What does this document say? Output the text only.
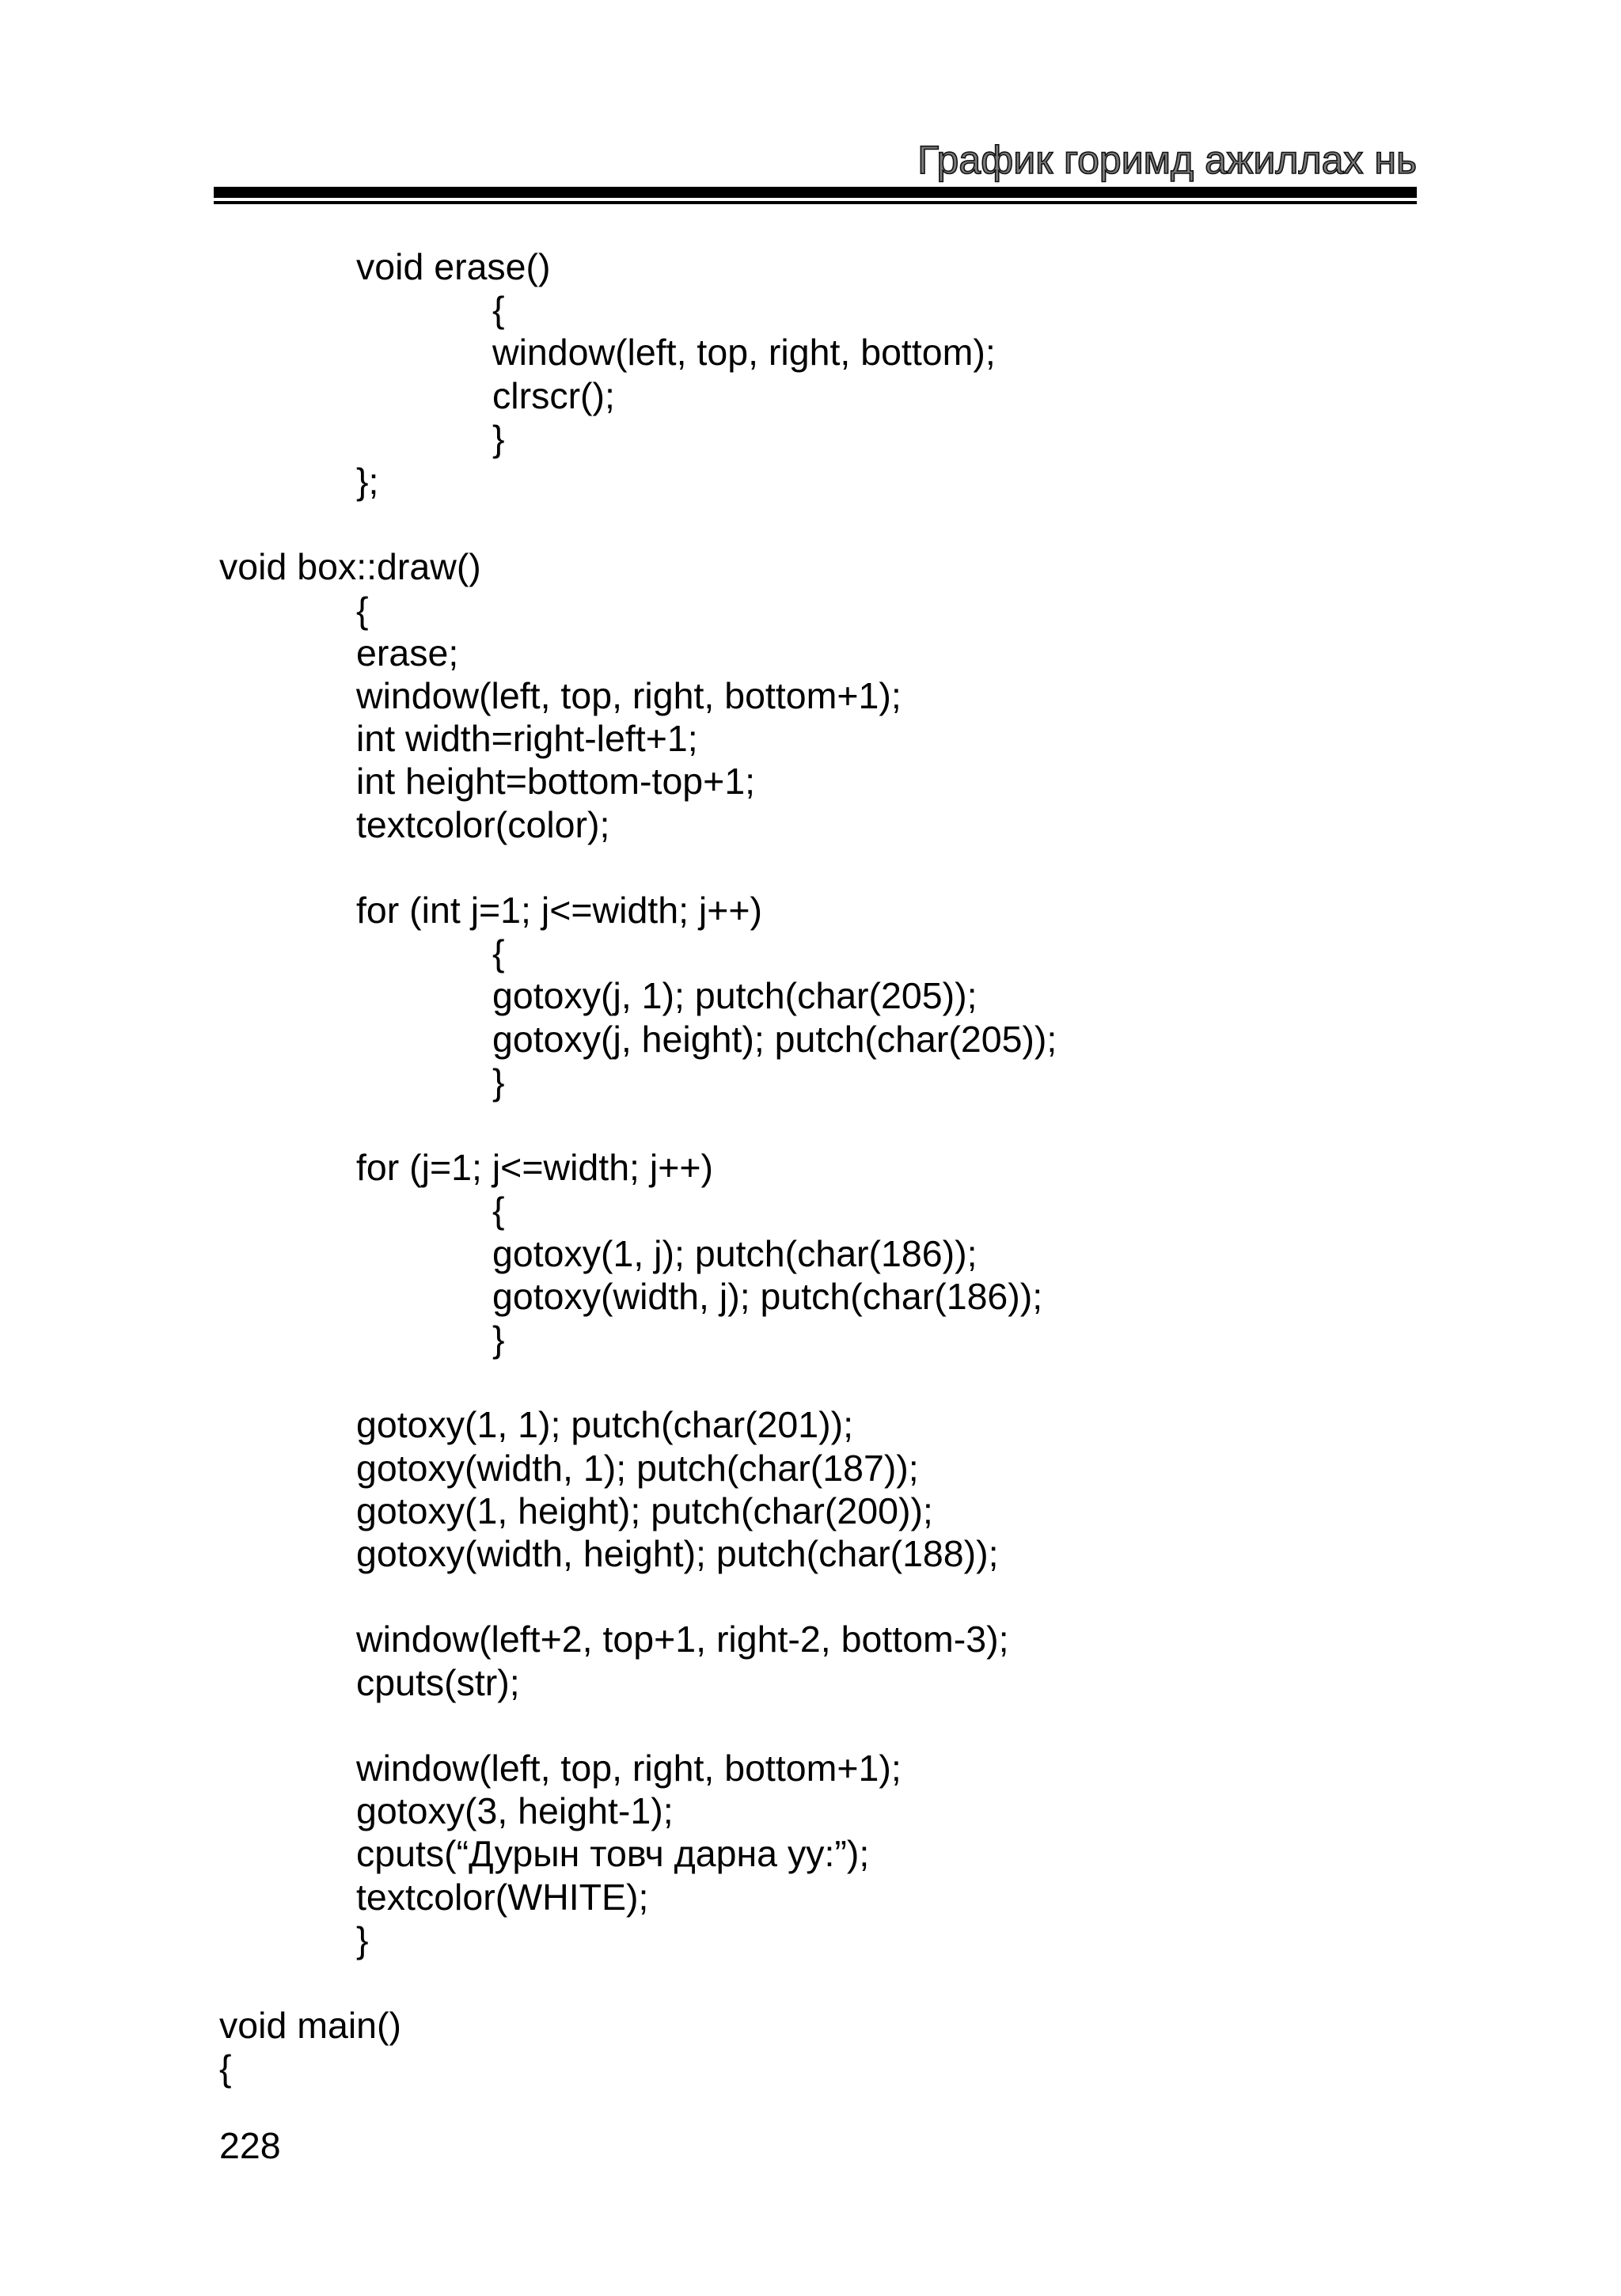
График горимд ажиллах нь
void erase()
{
window(left, top, right, bottom);
clrscr();
}
};
void box::draw()
{
erase;
window(left, top, right, bottom+1);
int width=right-left+1;
int height=bottom-top+1;
textcolor(color);
for (int j=1; j<=width; j++)
{
gotoxy(j, 1); putch(char(205));
gotoxy(j, height); putch(char(205));
}
for (j=1; j<=width; j++)
{
gotoxy(1, j); putch(char(186));
gotoxy(width, j); putch(char(186));
}
gotoxy(1, 1); putch(char(201));
gotoxy(width, 1); putch(char(187));
gotoxy(1, height); putch(char(200));
gotoxy(width, height); putch(char(188));
window(left+2, top+1, right-2, bottom-3);
cputs(str);
window(left, top, right, bottom+1);
gotoxy(3, height-1);
cputs(“Дурын товч дарна уу:”);
textcolor(WHITE);
}
void main()
{
228
